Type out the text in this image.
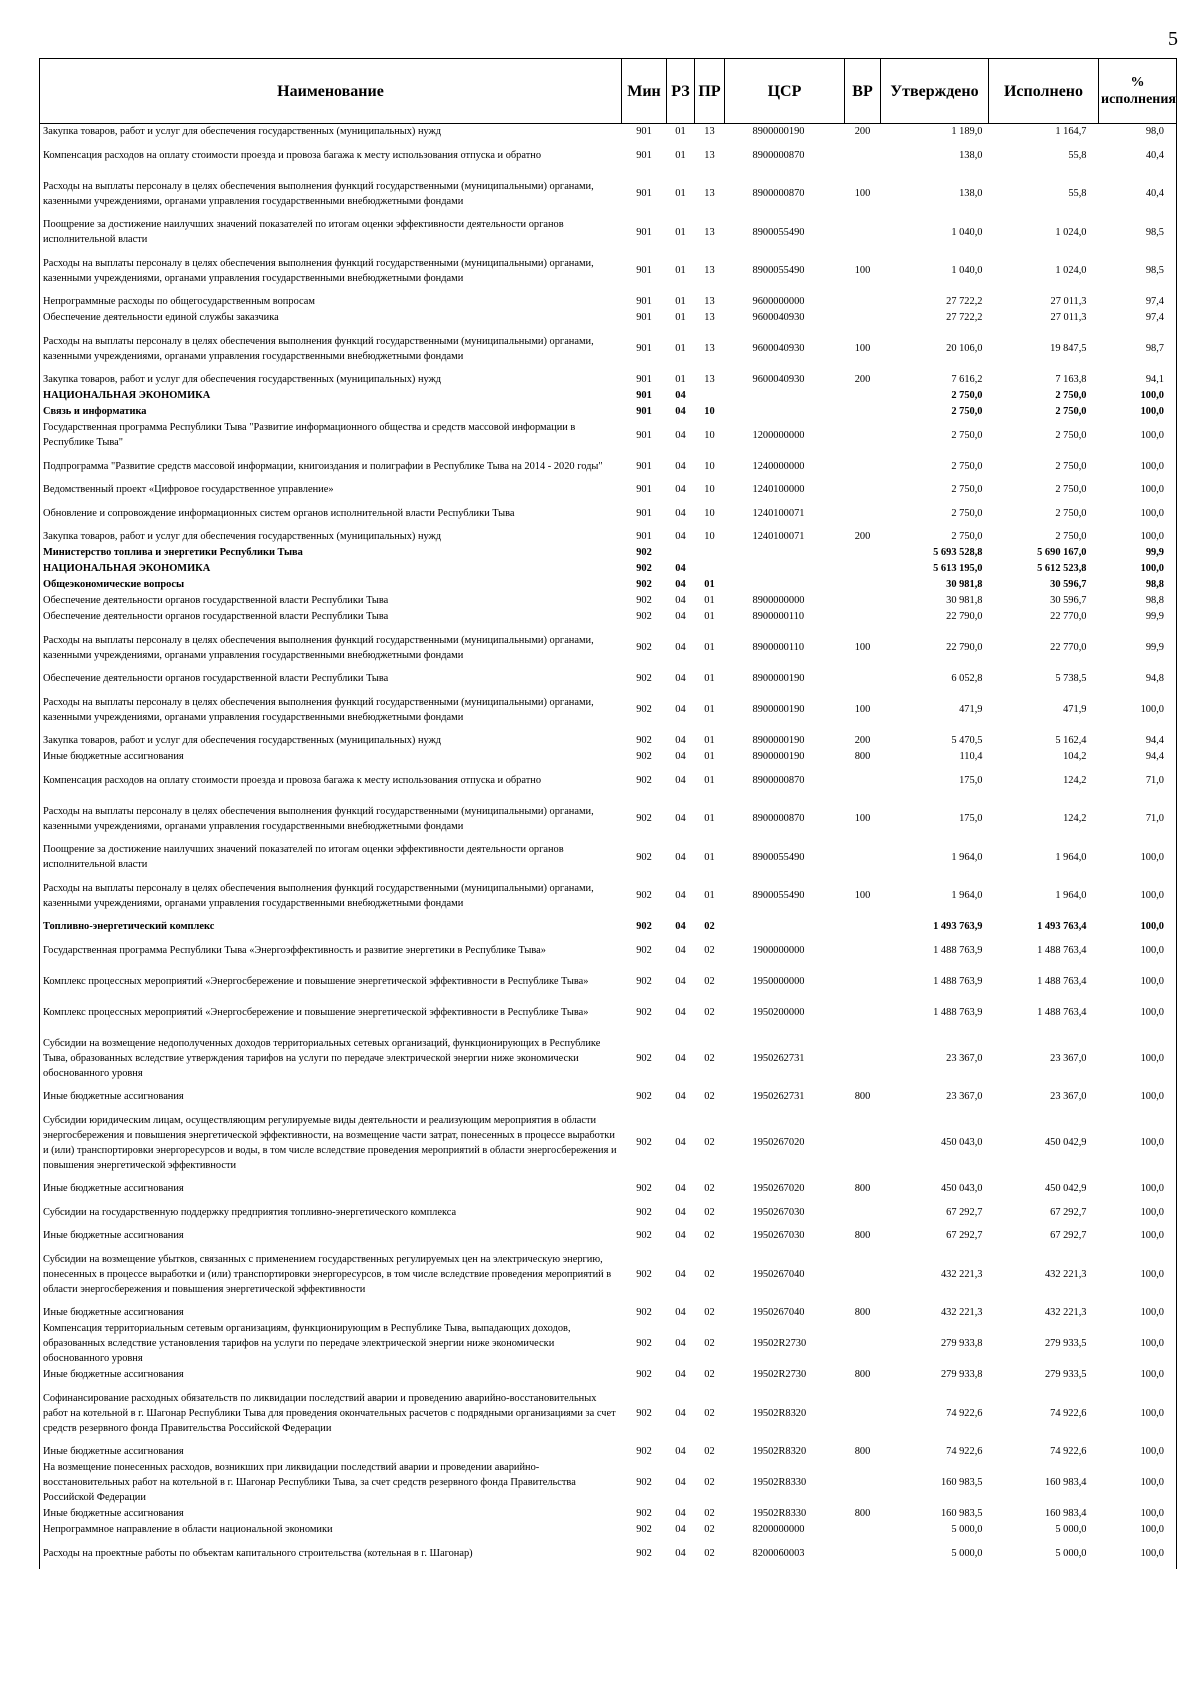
5
Наименование	Мин	РЗ	ПР	ЦСР	ВР	Утверждено	Исполнено	% исполнения
Закупка товаров, работ и услуг для обеспечения государственных (муниципальных) нужд	901	01	13	8900000190	200	1 189,0	1 164,7	98,0
Компенсация расходов на оплату стоимости проезда и провоза багажа к месту использования отпуска и обратно	901	01	13	8900000870		138,0	55,8	40,4
Расходы на выплаты персоналу в целях обеспечения выполнения функций государственными (муниципальными) органами, казенными учреждениями, органами управления государственными внебюджетными фондами	901	01	13	8900000870	100	138,0	55,8	40,4
Поощрение за достижение наилучших значений показателей по итогам оценки эффективности деятельности органов исполнительной власти	901	01	13	8900055490		1 040,0	1 024,0	98,5
Расходы на выплаты персоналу в целях обеспечения выполнения функций государственными (муниципальными) органами, казенными учреждениями, органами управления государственными внебюджетными фондами	901	01	13	8900055490	100	1 040,0	1 024,0	98,5
Непрограммные расходы по общегосударственным вопросам	901	01	13	9600000000		27 722,2	27 011,3	97,4
Обеспечение деятельности единой службы заказчика	901	01	13	9600040930		27 722,2	27 011,3	97,4
Расходы на выплаты персоналу в целях обеспечения выполнения функций государственными (муниципальными) органами, казенными учреждениями, органами управления государственными внебюджетными фондами	901	01	13	9600040930	100	20 106,0	19 847,5	98,7
Закупка товаров, работ и услуг для обеспечения государственных (муниципальных) нужд	901	01	13	9600040930	200	7 616,2	7 163,8	94,1
НАЦИОНАЛЬНАЯ ЭКОНОМИКА	901	04				2 750,0	2 750,0	100,0
Связь и информатика	901	04	10			2 750,0	2 750,0	100,0
Государственная программа Республики Тыва "Развитие информационного общества и средств массовой информации в Республике Тыва"	901	04	10	1200000000		2 750,0	2 750,0	100,0
Подпрограмма "Развитие средств массовой информации, книгоиздания и полиграфии в Республике Тыва на 2014 - 2020 годы"	901	04	10	1240000000		2 750,0	2 750,0	100,0
Ведомственный проект «Цифровое государственное управление»	901	04	10	1240100000		2 750,0	2 750,0	100,0
Обновление и сопровождение информационных систем органов исполнительной власти Республики Тыва	901	04	10	1240100071		2 750,0	2 750,0	100,0
Закупка товаров, работ и услуг для обеспечения государственных (муниципальных) нужд	901	04	10	1240100071	200	2 750,0	2 750,0	100,0
Министерство топлива и энергетики Республики Тыва	902					5 693 528,8	5 690 167,0	99,9
НАЦИОНАЛЬНАЯ ЭКОНОМИКА	902	04				5 613 195,0	5 612 523,8	100,0
Общеэкономические вопросы	902	04	01			30 981,8	30 596,7	98,8
Обеспечение деятельности органов государственной власти Республики Тыва	902	04	01	8900000000		30 981,8	30 596,7	98,8
Обеспечение деятельности органов государственной власти Республики Тыва	902	04	01	8900000110		22 790,0	22 770,0	99,9
Расходы на выплаты персоналу в целях обеспечения выполнения функций государственными (муниципальными) органами, казенными учреждениями, органами управления государственными внебюджетными фондами	902	04	01	8900000110	100	22 790,0	22 770,0	99,9
Обеспечение деятельности органов государственной власти Республики Тыва	902	04	01	8900000190		6 052,8	5 738,5	94,8
Расходы на выплаты персоналу в целях обеспечения выполнения функций государственными (муниципальными) органами, казенными учреждениями, органами управления государственными внебюджетными фондами	902	04	01	8900000190	100	471,9	471,9	100,0
Закупка товаров, работ и услуг для обеспечения государственных (муниципальных) нужд	902	04	01	8900000190	200	5 470,5	5 162,4	94,4
Иные бюджетные ассигнования	902	04	01	8900000190	800	110,4	104,2	94,4
Компенсация расходов на оплату стоимости проезда и провоза багажа к месту использования отпуска и обратно	902	04	01	8900000870		175,0	124,2	71,0
Расходы на выплаты персоналу в целях обеспечения выполнения функций государственными (муниципальными) органами, казенными учреждениями, органами управления государственными внебюджетными фондами	902	04	01	8900000870	100	175,0	124,2	71,0
Поощрение за достижение наилучших значений показателей по итогам оценки эффективности деятельности органов исполнительной власти	902	04	01	8900055490		1 964,0	1 964,0	100,0
Расходы на выплаты персоналу в целях обеспечения выполнения функций государственными (муниципальными) органами, казенными учреждениями, органами управления государственными внебюджетными фондами	902	04	01	8900055490	100	1 964,0	1 964,0	100,0
Топливно-энергетический комплекс	902	04	02			1 493 763,9	1 493 763,4	100,0
Государственная программа Республики Тыва «Энергоэффективность и развитие энергетики в Республике Тыва»	902	04	02	1900000000		1 488 763,9	1 488 763,4	100,0
Комплекс процессных мероприятий «Энергосбережение и повышение энергетической эффективности в Республике Тыва»	902	04	02	1950000000		1 488 763,9	1 488 763,4	100,0
Комплекс процессных мероприятий «Энергосбережение и повышение энергетической эффективности в Республике Тыва»	902	04	02	1950200000		1 488 763,9	1 488 763,4	100,0
Субсидии на возмещение недополученных доходов территориальных сетевых организаций, функционирующих в Республике Тыва, образованных вследствие утверждения тарифов на услуги по передаче электрической энергии ниже экономически обоснованного уровня	902	04	02	1950262731		23 367,0	23 367,0	100,0
Иные бюджетные ассигнования	902	04	02	1950262731	800	23 367,0	23 367,0	100,0
Субсидии юридическим лицам, осуществляющим регулируемые виды деятельности и реализующим мероприятия в области энергосбережения и повышения энергетической эффективности, на возмещение части затрат, понесенных в процессе выработки и (или) транспортировки энергоресурсов и воды, в том числе вследствие проведения мероприятий в области энергосбережения и повышения энергетической эффективности	902	04	02	1950267020		450 043,0	450 042,9	100,0
Иные бюджетные ассигнования	902	04	02	1950267020	800	450 043,0	450 042,9	100,0
Субсидии на государственную поддержку предприятия топливно-энергетического комплекса	902	04	02	1950267030		67 292,7	67 292,7	100,0
Иные бюджетные ассигнования	902	04	02	1950267030	800	67 292,7	67 292,7	100,0
Субсидии на возмещение убытков, связанных с применением государственных регулируемых цен на электрическую энергию, понесенных в процессе выработки и (или) транспортировки энергоресурсов, в том числе вследствие проведения мероприятий в области энергосбережения и повышения энергетической эффективности	902	04	02	1950267040		432 221,3	432 221,3	100,0
Иные бюджетные ассигнования	902	04	02	1950267040	800	432 221,3	432 221,3	100,0
Компенсация территориальным сетевым организациям, функционирующим в Республике Тыва, выпадающих доходов, образованных вследствие установления тарифов на услуги по передаче электрической энергии ниже экономически обоснованного уровня	902	04	02	19502R2730		279 933,8	279 933,5	100,0
Иные бюджетные ассигнования	902	04	02	19502R2730	800	279 933,8	279 933,5	100,0
Софинансирование расходных обязательств по ликвидации последствий аварии и проведению аварийно-восстановительных работ на котельной в г. Шагонар Республики Тыва для проведения окончательных расчетов с подрядными организациями за счет средств резервного фонда Правительства Российской Федерации	902	04	02	19502R8320		74 922,6	74 922,6	100,0
Иные бюджетные ассигнования	902	04	02	19502R8320	800	74 922,6	74 922,6	100,0
На возмещение понесенных расходов, возникших при ликвидации последствий аварии и проведении аварийно-восстановительных работ на котельной в г. Шагонар Республики Тыва, за счет средств резервного фонда Правительства Российской Федерации	902	04	02	19502R8330		160 983,5	160 983,4	100,0
Иные бюджетные ассигнования	902	04	02	19502R8330	800	160 983,5	160 983,4	100,0
Непрограммное направление в области национальной экономики	902	04	02	8200000000		5 000,0	5 000,0	100,0
Расходы на проектные работы по объектам капитального строительства (котельная в г. Шагонар)	902	04	02	8200060003		5 000,0	5 000,0	100,0
